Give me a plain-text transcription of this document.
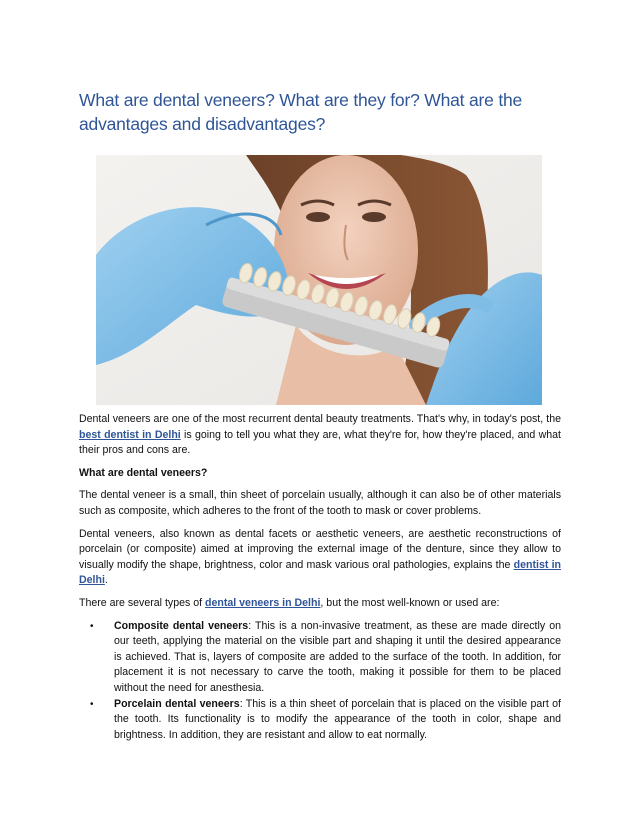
What are dental veneers? What are they for? What are the advantages and disadvantages?

Dental veneers are one of the most recurrent dental beauty treatments. That's why, in today's post, the best dentist in Delhi is going to tell you what they are, what they're for, how they're placed, and what their pros and cons are.

What are dental veneers?

The dental veneer is a small, thin sheet of porcelain usually, although it can also be of other materials such as composite, which adheres to the front of the tooth to mask or cover problems.

Dental veneers, also known as dental facets or aesthetic veneers, are aesthetic reconstructions of porcelain (or composite) aimed at improving the external image of the denture, since they allow to visually modify the shape, brightness, color and mask various oral pathologies, explains the dentist in Delhi.

There are several types of dental veneers in Delhi, but the most well-known or used are:

• Composite dental veneers: This is a non-invasive treatment, as these are made directly on our teeth, applying the material on the visible part and shaping it until the desired appearance is achieved. That is, layers of composite are added to the surface of the tooth. In addition, for placement it is not necessary to carve the tooth, making it possible for them to be placed without the need for anesthesia.
• Porcelain dental veneers: This is a thin sheet of porcelain that is placed on the visible part of the tooth. Its functionality is to modify the appearance of the tooth in color, shape and brightness. In addition, they are resistant and allow to eat normally.
